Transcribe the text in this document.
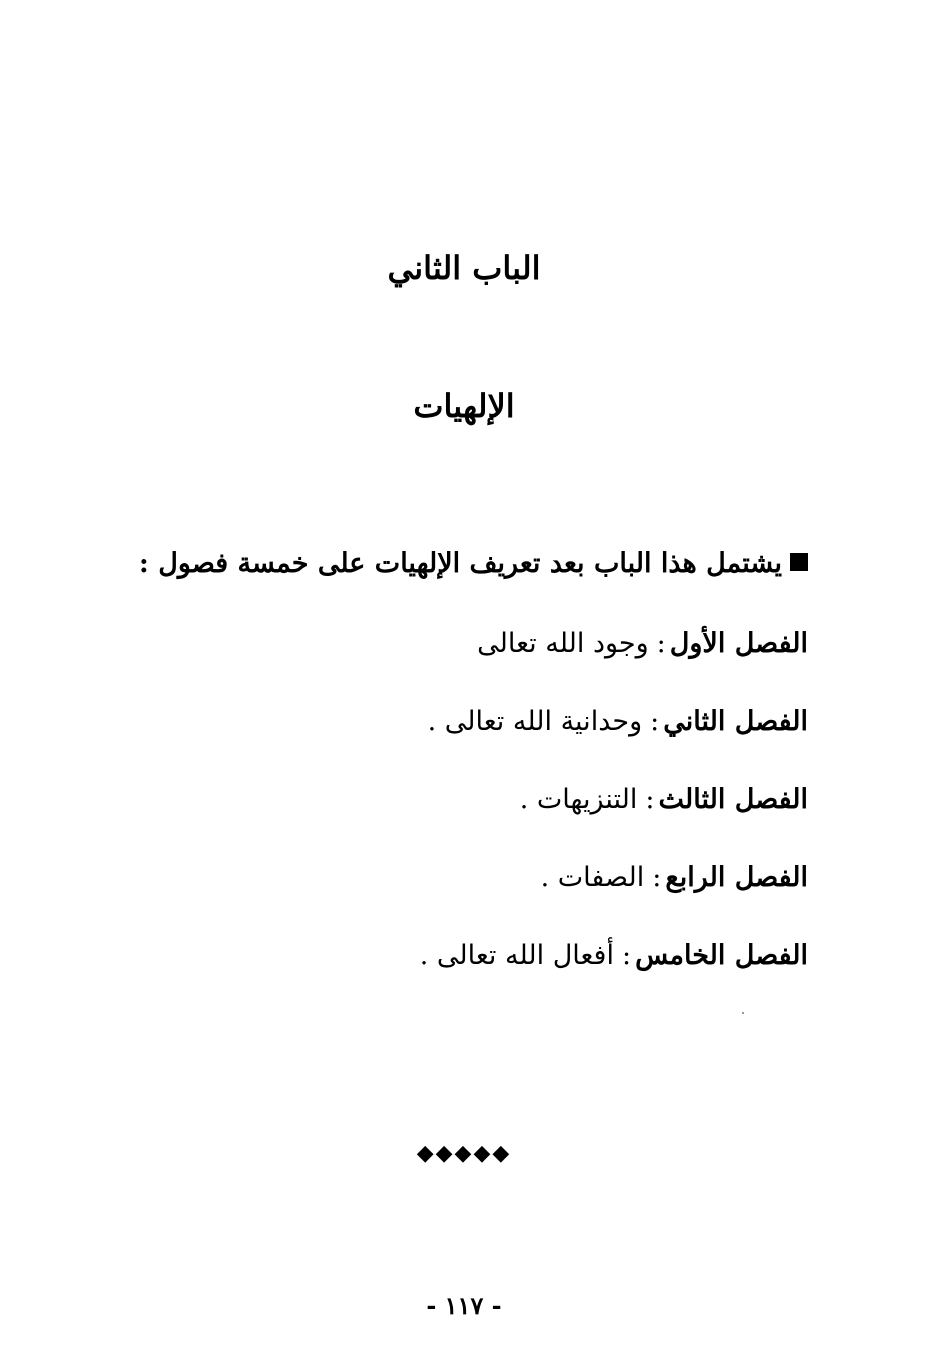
الباب الثاني
الإلهيات
يشتمل هذا الباب بعد تعريف الإلهيات على خمسة فصول :
الفصل الأول:وجود الله تعالى
الفصل الثاني:وحدانية الله تعالى .
الفصل الثالث:التنزيهات .
الفصل الرابع:الصفات .
الفصل الخامس:أفعال الله تعالى .
◆◆◆◆◆
- ١١٧ -
